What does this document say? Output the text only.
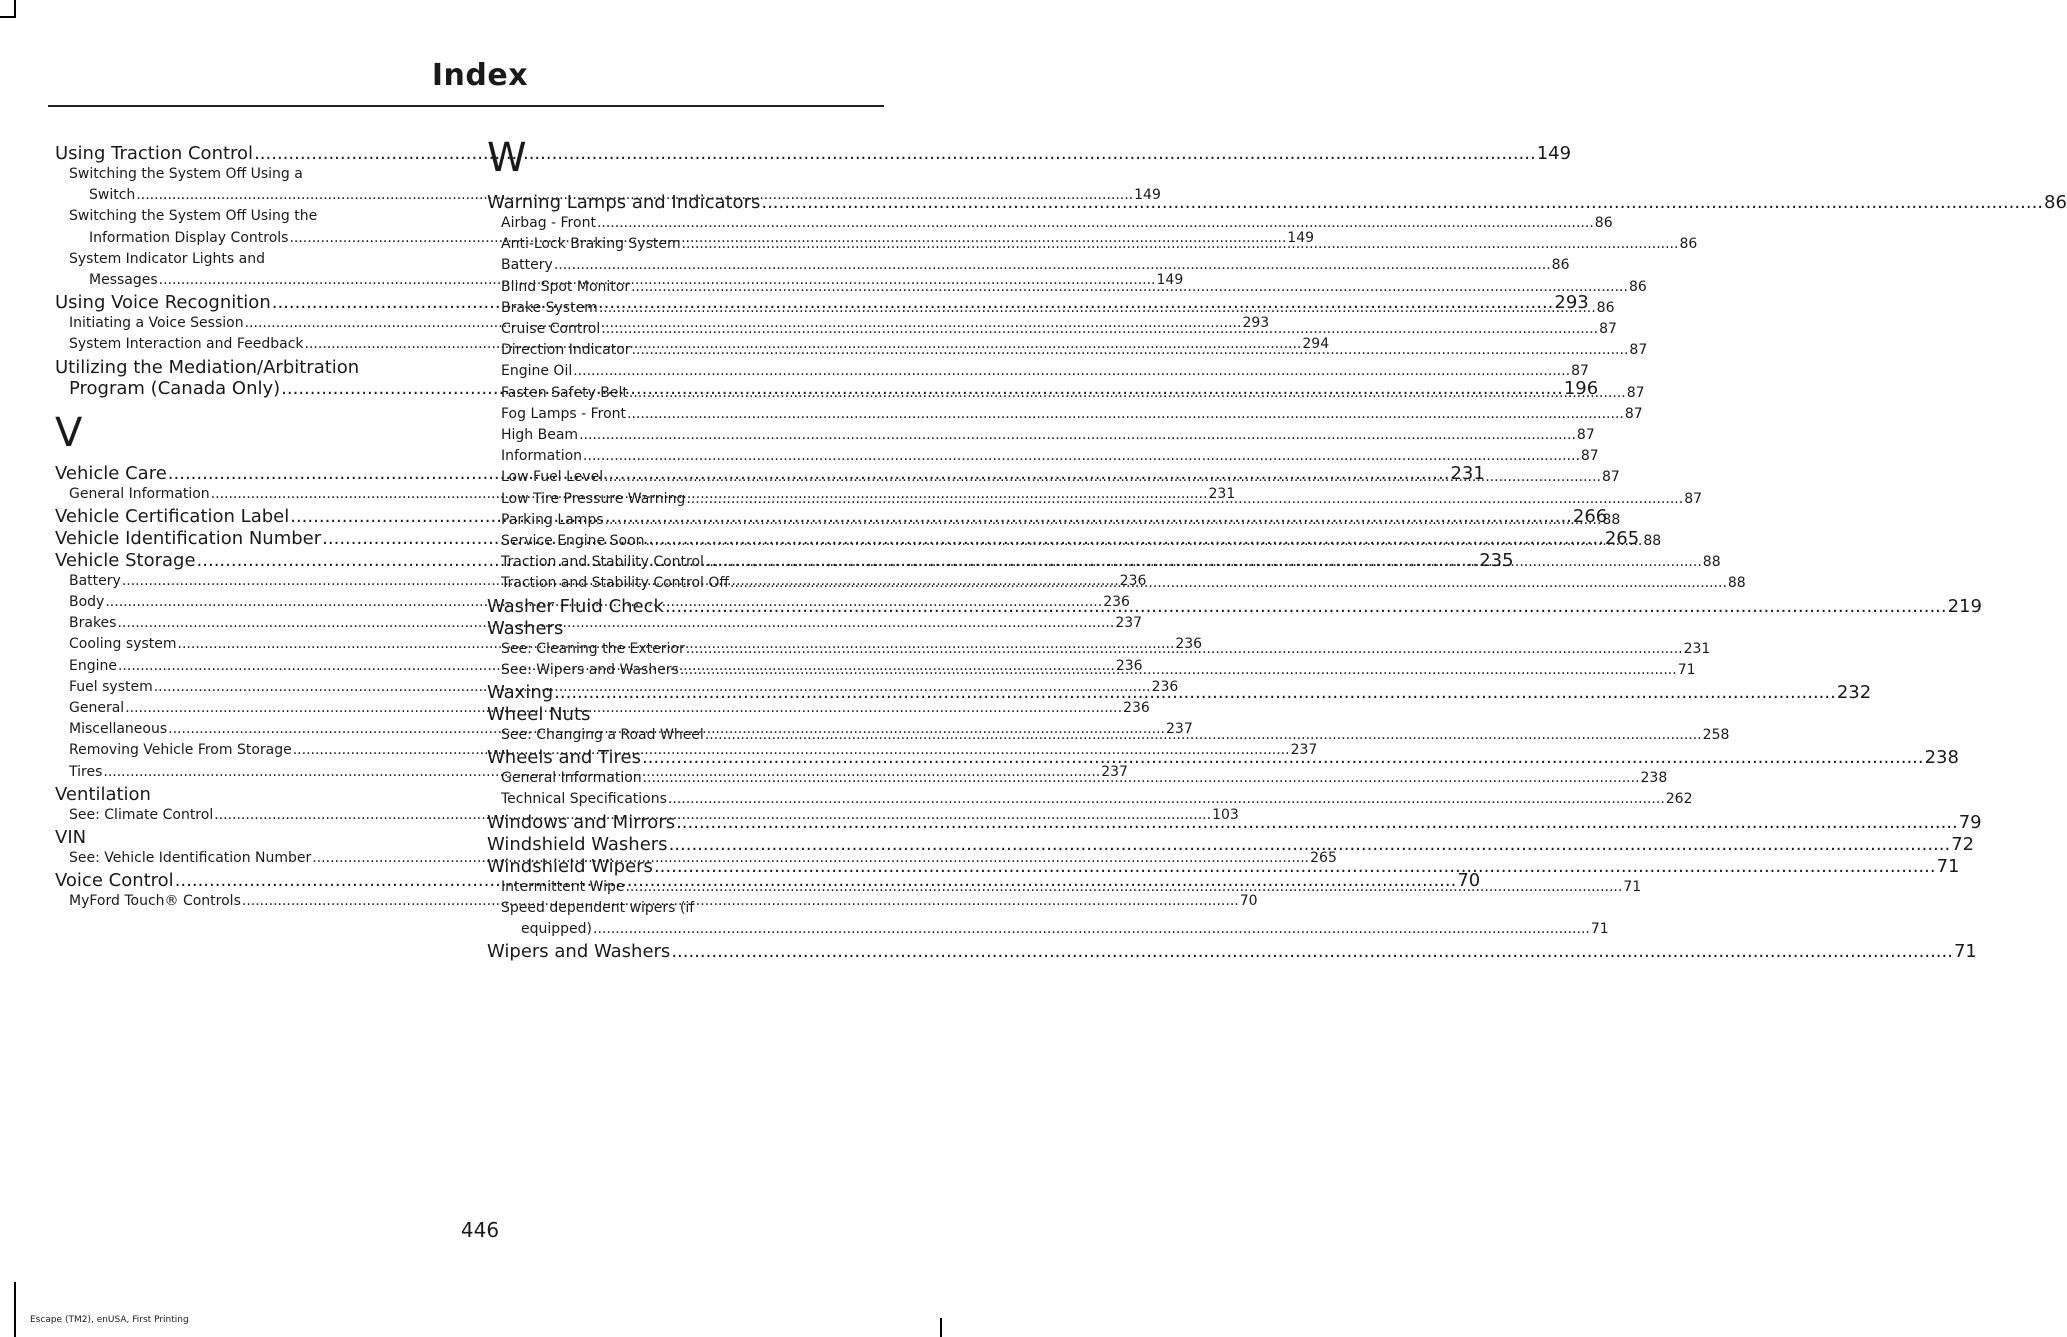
Index
Using Traction Control .....	149
Switching the System Off Using a
Switch .....	149
Switching the System Off Using the
Information Display Controls .....	149
System Indicator Lights and
Messages .....	149
Using Voice Recognition .....	293
Initiating a Voice Session .....	293
System Interaction and Feedback .....	294
Utilizing the Mediation/Arbitration
Program (Canada Only) .....	196
V
Vehicle Care .....	231
General Information .....	231
Vehicle Certification Label .....	266
Vehicle Identification Number .....	265
Vehicle Storage .....	235
Battery .....	236
Body .....	236
Brakes .....	237
Cooling system .....	236
Engine .....	236
Fuel system .....	236
General .....	236
Miscellaneous .....	237
Removing Vehicle From Storage .....	237
Tires .....	237
Ventilation
See: Climate Control .....	103
VIN
See: Vehicle Identification Number .....	265
Voice Control .....	70
MyFord Touch® Controls .....	70
W
Warning Lamps and Indicators .....	86
Airbag - Front .....	86
Anti-Lock Braking System .....	86
Battery .....	86
Blind Spot Monitor .....	86
Brake System .....	86
Cruise Control .....	87
Direction Indicator .....	87
Engine Oil .....	87
Fasten Safety Belt .....	87
Fog Lamps - Front .....	87
High Beam .....	87
Information .....	87
Low Fuel Level .....	87
Low Tire Pressure Warning .....	87
Parking Lamps .....	88
Service Engine Soon .....	88
Traction and Stability Control .....	88
Traction and Stability Control Off .....	88
Washer Fluid Check .....	219
Washers
See: Cleaning the Exterior .....	231
See: Wipers and Washers .....	71
Waxing .....	232
Wheel Nuts
See: Changing a Road Wheel .....	258
Wheels and Tires .....	238
General Information .....	238
Technical Specifications .....	262
Windows and Mirrors .....	79
Windshield Washers .....	72
Windshield Wipers .....	71
Intermittent Wipe .....	71
Speed dependent wipers (if
equipped) .....	71
Wipers and Washers .....	71
446
Escape (TM2), enUSA, First Printing
